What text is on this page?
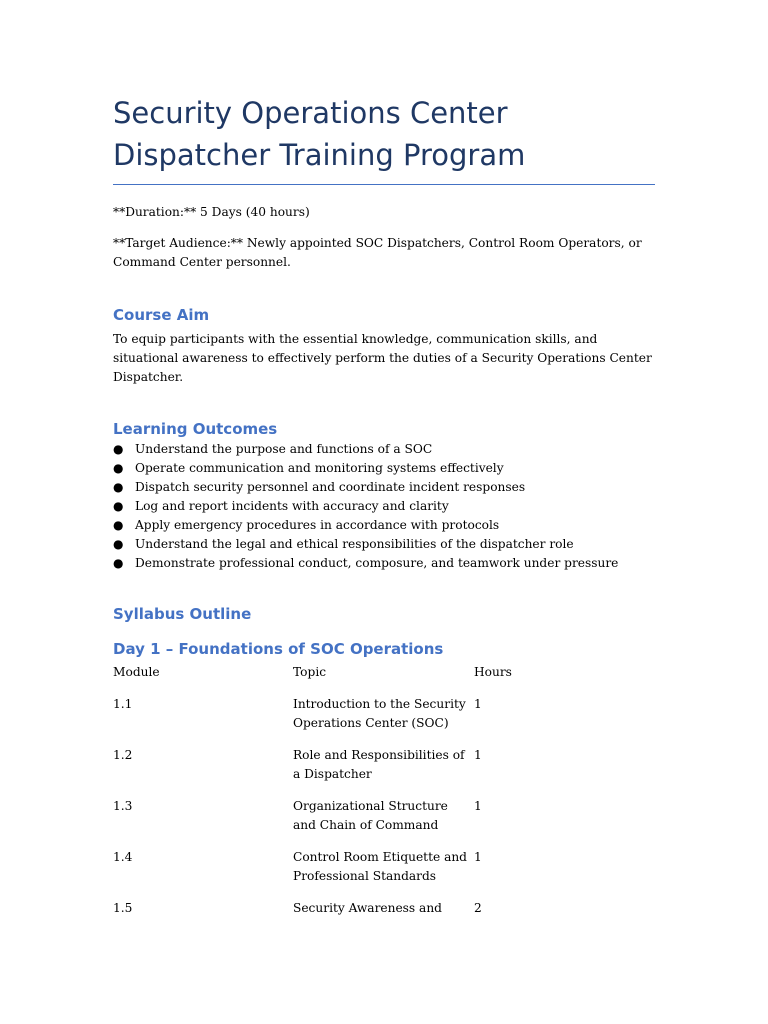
Security Operations Center Dispatcher Training Program

**Duration:** 5 Days (40 hours)

**Target Audience:** Newly appointed SOC Dispatchers, Control Room Operators, or Command Center personnel.

Course Aim

To equip participants with the essential knowledge, communication skills, and situational awareness to effectively perform the duties of a Security Operations Center Dispatcher.

Learning Outcomes
● Understand the purpose and functions of a SOC
● Operate communication and monitoring systems effectively
● Dispatch security personnel and coordinate incident responses
● Log and report incidents with accuracy and clarity
● Apply emergency procedures in accordance with protocols
● Understand the legal and ethical responsibilities of the dispatcher role
● Demonstrate professional conduct, composure, and teamwork under pressure
Syllabus Outline
Day 1 – Foundations of SOC Operations
Module	Topic	Hours
1.1	Introduction to the Security Operations Center (SOC)	1
1.2	Role and Responsibilities of a Dispatcher	1
1.3	Organizational Structure and Chain of Command	1
1.4	Control Room Etiquette and Professional Standards	1
1.5	Security Awareness and	2
